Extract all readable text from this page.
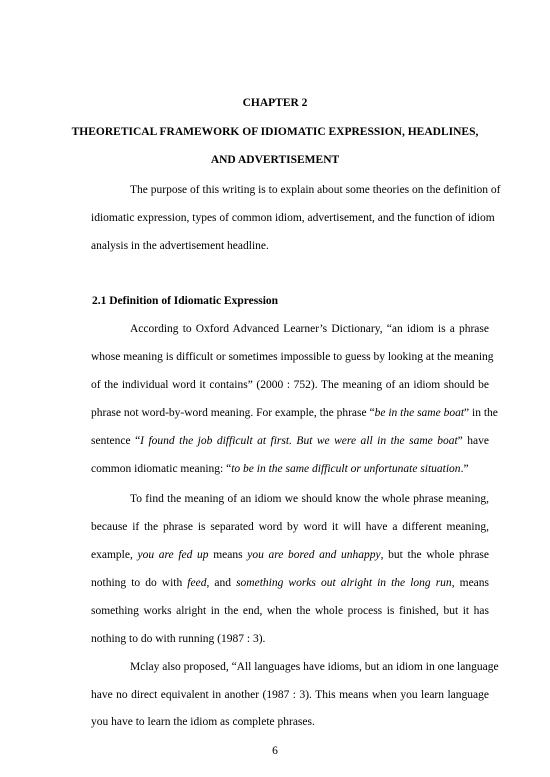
CHAPTER 2
THEORETICAL FRAMEWORK OF IDIOMATIC EXPRESSION, HEADLINES,
AND ADVERTISEMENT
The purpose of this writing is to explain about some theories on the definition of
idiomatic expression, types of common idiom, advertisement, and the function of idiom
analysis in the advertisement headline.
2.1 Definition of Idiomatic Expression
According to Oxford Advanced Learner’s Dictionary, “an idiom is a phrase
whose meaning is difficult or sometimes impossible to guess by looking at the meaning
of the individual word it contains” (2000 : 752). The meaning of an idiom should be
phrase not word-by-word meaning. For example, the phrase “be in the same boat” in the
sentence “I found the job difficult at first. But we were all in the same boat” have
common idiomatic meaning: “to be in the same difficult or unfortunate situation.”
To find the meaning of an idiom we should know the whole phrase meaning,
because if the phrase is separated word by word it will have a different meaning,
example, you are fed up means you are bored and unhappy, but the whole phrase
nothing to do with feed, and something works out alright in the long run, means
something works alright in the end, when the whole process is finished, but it has
nothing to do with running (1987 : 3).
Mclay also proposed, “All languages have idioms, but an idiom in one language
have no direct equivalent in another (1987 : 3). This means when you learn language
you have to learn the idiom as complete phrases.
6
